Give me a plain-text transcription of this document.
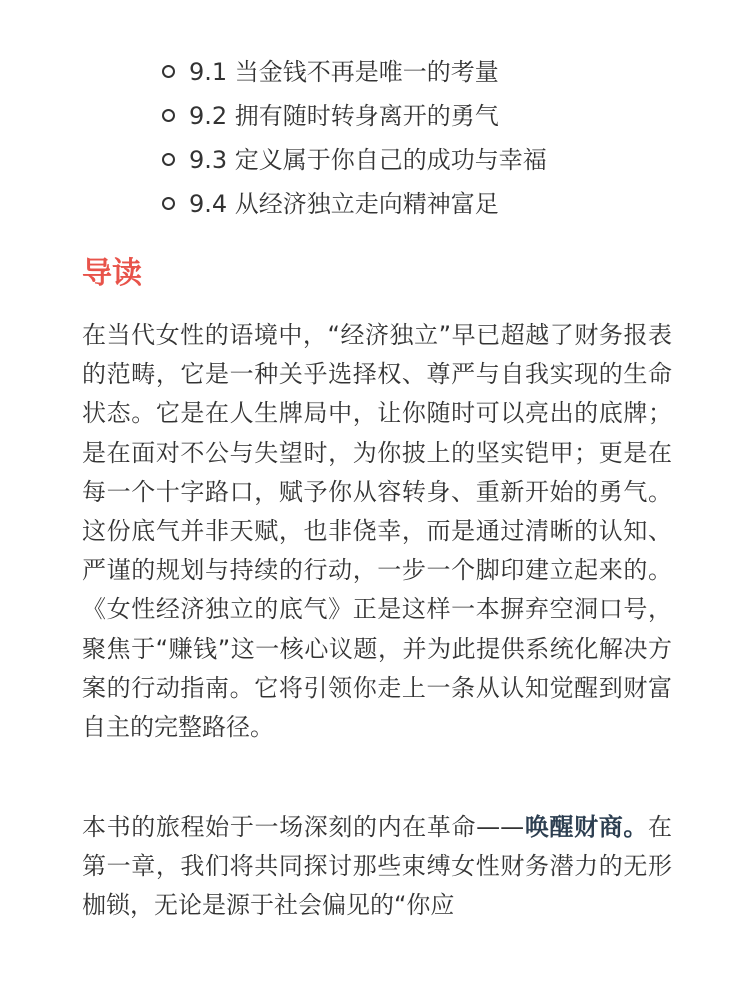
9.1 当金钱不再是唯一的考量
9.2 拥有随时转身离开的勇气
9.3 定义属于你自己的成功与幸福
9.4 从经济独立走向精神富足
导读

在当代女性的语境中，“经济独立”早已超越了财务报表的范畴，它是一种关乎选择权、尊严与自我实现的生命状态。它是在人生牌局中，让你随时可以亮出的底牌；是在面对不公与失望时，为你披上的坚实铠甲；更是在每一个十字路口，赋予你从容转身、重新开始的勇气。这份底气并非天赋，也非侥幸，而是通过清晰的认知、严谨的规划与持续的行动，一步一个脚印建立起来的。《女性经济独立的底气》正是这样一本摒弃空洞口号，聚焦于“赚钱”这一核心议题，并为此提供系统化解决方案的行动指南。它将引领你走上一条从认知觉醒到财富自主的完整路径。

本书的旅程始于一场深刻的内在革命——唤醒财商。在第一章，我们将共同探讨那些束缚女性财务潜力的无形枷锁，无论是源于社会偏见的“你应
